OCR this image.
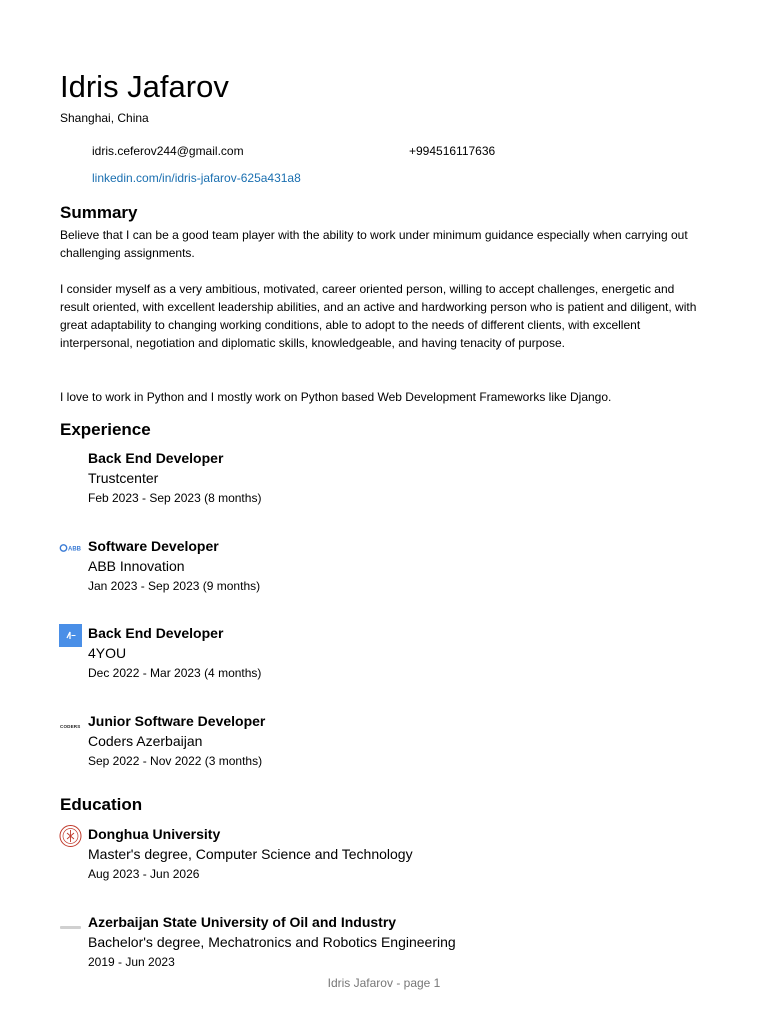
Idris Jafarov
Shanghai, China
idris.ceferov244@gmail.com	+994516117636
linkedin.com/in/idris-jafarov-625a431a8
Summary

Believe that I can be a good team player with the ability to work under minimum guidance especially when carrying out challenging assignments.

I consider myself as a very ambitious, motivated, career oriented person, willing to accept challenges, energetic and result oriented, with excellent leadership abilities, and an active and hardworking person who is patient and diligent, with great adaptability to changing working conditions, able to adopt to the needs of different clients, with excellent interpersonal, negotiation and diplomatic skills, knowledgeable, and having tenacity of purpose.

I love to work in Python and I mostly work on Python based Web Development Frameworks like Django.

Experience

Back End Developer

Trustcenter

Feb 2023 - Sep 2023 (8 months)

ABB Software Developer

ABB Innovation

Jan 2023 - Sep 2023 (9 months)

Back End Developer

4YOU

Dec 2022 - Mar 2023 (4 months)

CODERS Junior Software Developer

Coders Azerbaijan

Sep 2022 - Nov 2022 (3 months)

Education

Donghua University

Master's degree, Computer Science and Technology

Aug 2023 - Jun 2026

Azerbaijan State University of Oil and Industry

Bachelor's degree, Mechatronics and Robotics Engineering

2019 - Jun 2023

Idris Jafarov - page 1
